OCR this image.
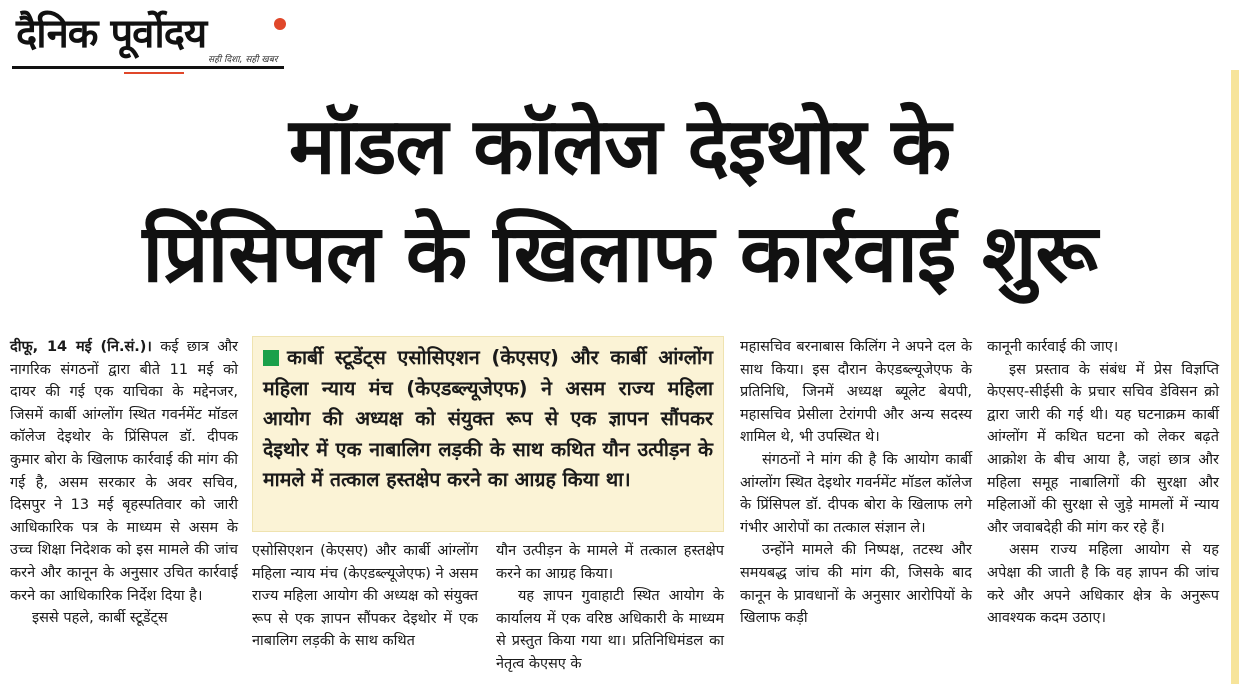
दैनिक पूर्वोदय
सही दिशा, सही खबर
मॉडल कॉलेज देइथोर के
प्रिंसिपल के खिलाफ कार्रवाई शुरू

दीफू, 14 मई (नि.सं.)। कई छात्र और नागरिक संगठनों द्वारा बीते 11 मई को दायर की गई एक याचिका के मद्देनजर, जिसमें कार्बी आंग्लोंग स्थित गवर्नमेंट मॉडल कॉलेज देइथोर के प्रिंसिपल डॉ. दीपक कुमार बोरा के खिलाफ कार्रवाई की मांग की गई है, असम सरकार के अवर सचिव, दिसपुर ने 13 मई बृहस्पतिवार को जारी आधिकारिक पत्र के माध्यम से असम के उच्च शिक्षा निदेशक को इस मामले की जांच करने और कानून के अनुसार उचित कार्रवाई करने का आधिकारिक निर्देश दिया है।

इससे पहले, कार्बी स्टूडेंट्स

कार्बी स्टूडेंट्स एसोसिएशन (केएसए) और कार्बी आंग्लोंग महिला न्याय मंच (केएडब्ल्यूजेएफ) ने असम राज्य महिला आयोग की अध्यक्ष को संयुक्त रूप से एक ज्ञापन सौंपकर देइथोर में एक नाबालिग लड़की के साथ कथित यौन उत्पीड़न के मामले में तत्काल हस्तक्षेप करने का आग्रह किया था।

एसोसिएशन (केएसए) और कार्बी आंग्लोंग महिला न्याय मंच (केएडब्ल्यूजेएफ) ने असम राज्य महिला आयोग की अध्यक्ष को संयुक्त रूप से एक ज्ञापन सौंपकर देइथोर में एक नाबालिग लड़की के साथ कथित

यौन उत्पीड़न के मामले में तत्काल हस्तक्षेप करने का आग्रह किया।

यह ज्ञापन गुवाहाटी स्थित आयोग के कार्यालय में एक वरिष्ठ अधिकारी के माध्यम से प्रस्तुत किया गया था। प्रतिनिधिमंडल का नेतृत्व केएसए के

महासचिव बरनाबास किलिंग ने अपने दल के साथ किया। इस दौरान केएडब्ल्यूजेएफ के प्रतिनिधि, जिनमें अध्यक्ष ब्यूलेट बेयपी, महासचिव प्रेसीला टेरांगपी और अन्य सदस्य शामिल थे, भी उपस्थित थे।

संगठनों ने मांग की है कि आयोग कार्बी आंग्लोंग स्थित देइथोर गवर्नमेंट मॉडल कॉलेज के प्रिंसिपल डॉ. दीपक बोरा के खिलाफ लगे गंभीर आरोपों का तत्काल संज्ञान ले।

उन्होंने मामले की निष्पक्ष, तटस्थ और समयबद्ध जांच की मांग की, जिसके बाद कानून के प्रावधानों के अनुसार आरोपियों के खिलाफ कड़ी

कानूनी कार्रवाई की जाए।

इस प्रस्ताव के संबंध में प्रेस विज्ञप्ति केएसए-सीईसी के प्रचार सचिव डेविसन क्रो द्वारा जारी की गई थी। यह घटनाक्रम कार्बी आंग्लोंग में कथित घटना को लेकर बढ़ते आक्रोश के बीच आया है, जहां छात्र और महिला समूह नाबालिगों की सुरक्षा और महिलाओं की सुरक्षा से जुड़े मामलों में न्याय और जवाबदेही की मांग कर रहे हैं।

असम राज्य महिला आयोग से यह अपेक्षा की जाती है कि वह ज्ञापन की जांच करे और अपने अधिकार क्षेत्र के अनुरूप आवश्यक कदम उठाए।
